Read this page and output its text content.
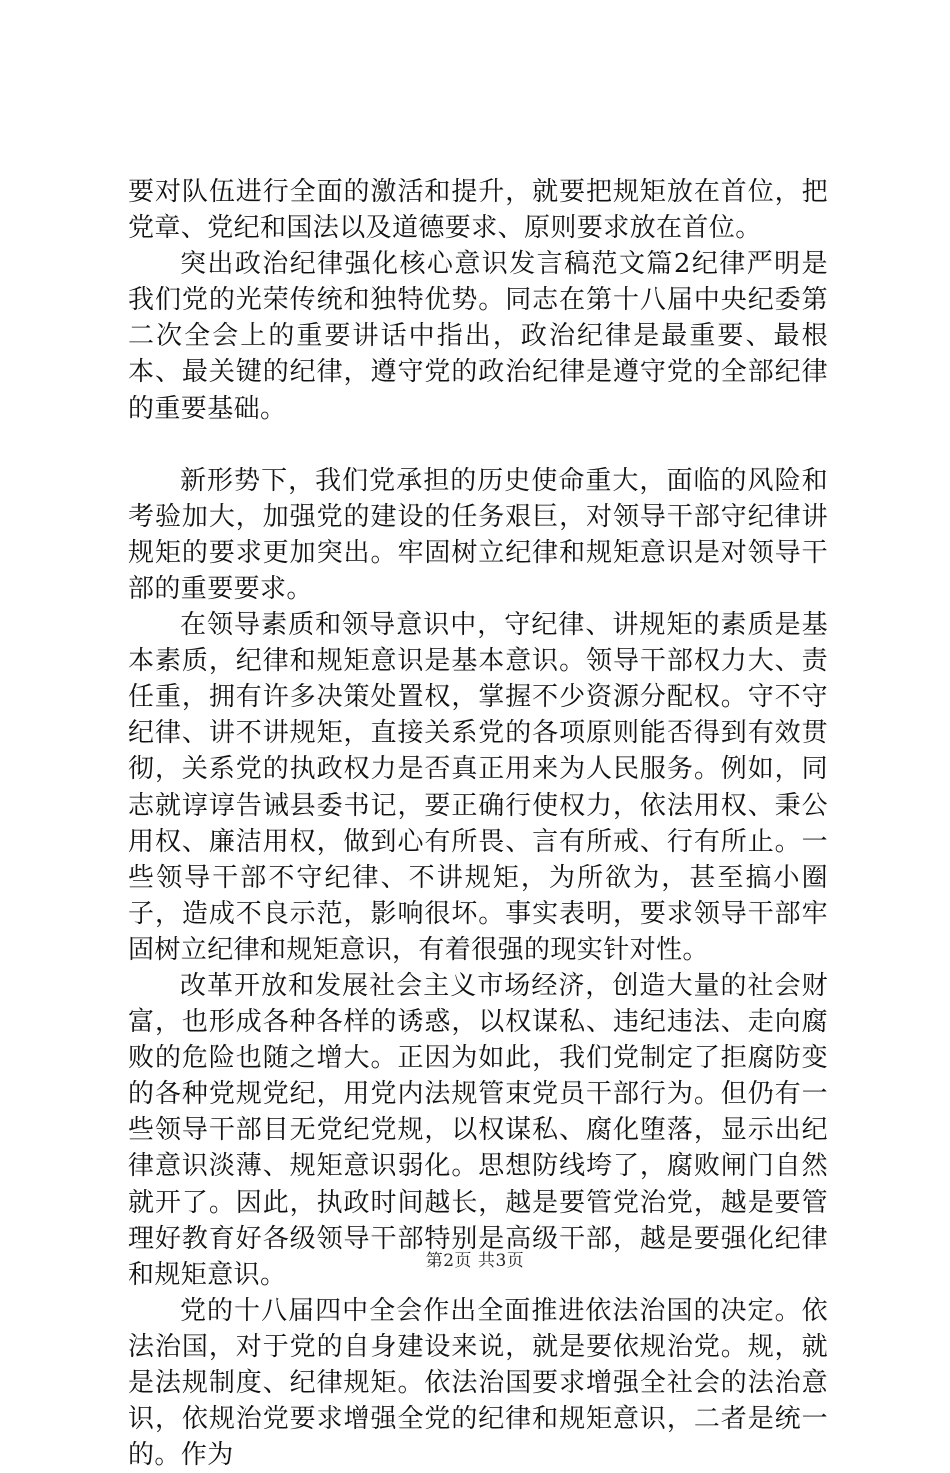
要对队伍进行全面的激活和提升，就要把规矩放在首位，把党章、党纪和国法以及道德要求、原则要求放在首位。

突出政治纪律强化核心意识发言稿范文篇2纪律严明是我们党的光荣传统和独特优势。同志在第十八届中央纪委第二次全会上的重要讲话中指出，政治纪律是最重要、最根本、最关键的纪律，遵守党的政治纪律是遵守党的全部纪律的重要基础。

新形势下，我们党承担的历史使命重大，面临的风险和考验加大，加强党的建设的任务艰巨，对领导干部守纪律讲规矩的要求更加突出。牢固树立纪律和规矩意识是对领导干部的重要要求。

在领导素质和领导意识中，守纪律、讲规矩的素质是基本素质，纪律和规矩意识是基本意识。领导干部权力大、责任重，拥有许多决策处置权，掌握不少资源分配权。守不守纪律、讲不讲规矩，直接关系党的各项原则能否得到有效贯彻，关系党的执政权力是否真正用来为人民服务。例如，同志就谆谆告诫县委书记，要正确行使权力，依法用权、秉公用权、廉洁用权，做到心有所畏、言有所戒、行有所止。一些领导干部不守纪律、不讲规矩，为所欲为，甚至搞小圈子，造成不良示范，影响很坏。事实表明，要求领导干部牢固树立纪律和规矩意识，有着很强的现实针对性。

改革开放和发展社会主义市场经济，创造大量的社会财富，也形成各种各样的诱惑，以权谋私、违纪违法、走向腐败的危险也随之增大。正因为如此，我们党制定了拒腐防变的各种党规党纪，用党内法规管束党员干部行为。但仍有一些领导干部目无党纪党规，以权谋私、腐化堕落，显示出纪律意识淡薄、规矩意识弱化。思想防线垮了，腐败闸门自然就开了。因此，执政时间越长，越是要管党治党，越是要管理好教育好各级领导干部特别是高级干部，越是要强化纪律和规矩意识。

党的十八届四中全会作出全面推进依法治国的决定。依法治国，对于党的自身建设来说，就是要依规治党。规，就是法规制度、纪律规矩。依法治国要求增强全社会的法治意识，依规治党要求增强全党的纪律和规矩意识，二者是统一的。作为

第2页 共3页
